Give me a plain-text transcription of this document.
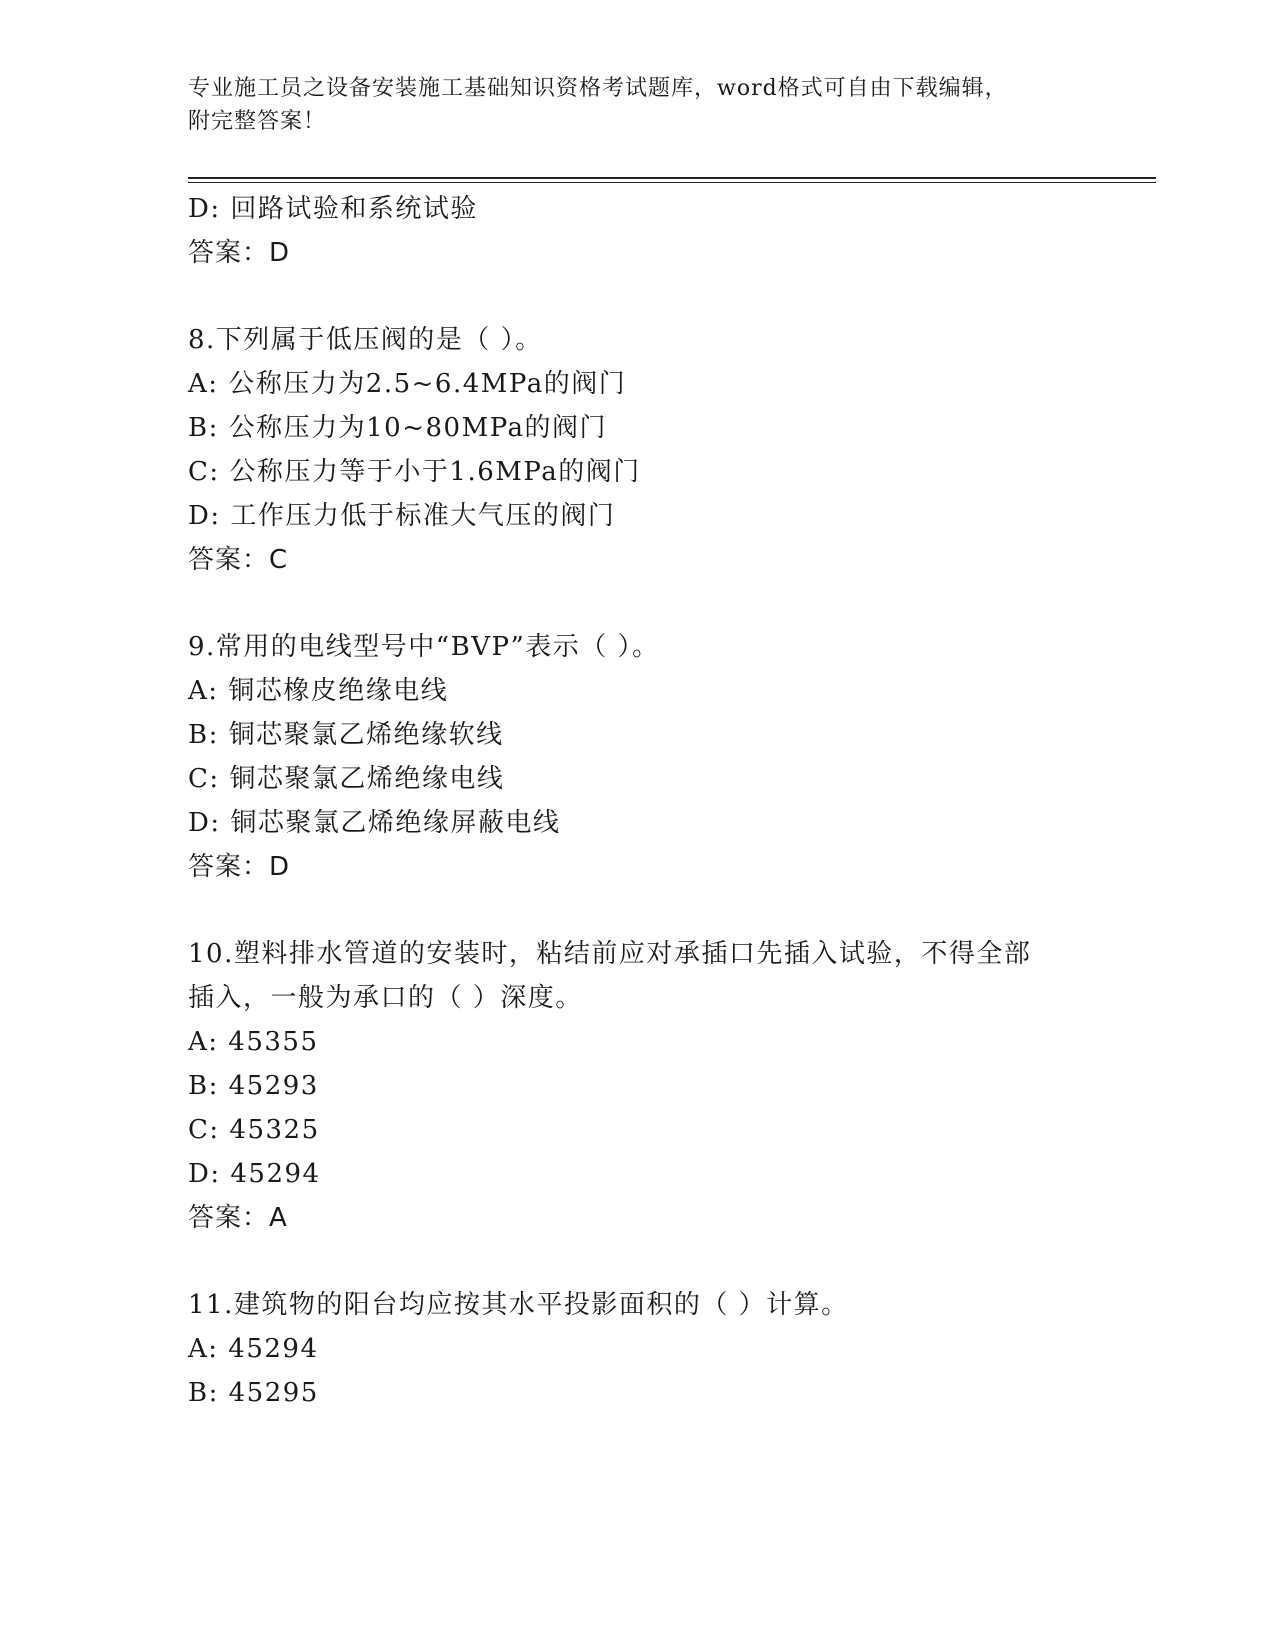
专业施工员之设备安装施工基础知识资格考试题库，word格式可自由下载编辑，
附完整答案！
D: 回路试验和系统试验
答案：D
8.下列属于低压阀的是（ ）。
A: 公称压力为2.5~6.4MPa的阀门
B: 公称压力为10~80MPa的阀门
C: 公称压力等于小于1.6MPa的阀门
D: 工作压力低于标准大气压的阀门
答案：C
9.常用的电线型号中“BVP”表示（ ）。
A: 铜芯橡皮绝缘电线
B: 铜芯聚氯乙烯绝缘软线
C: 铜芯聚氯乙烯绝缘电线
D: 铜芯聚氯乙烯绝缘屏蔽电线
答案：D
10.塑料排水管道的安装时，粘结前应对承插口先插入试验，不得全部
插入，一般为承口的（ ）深度。
A: 45355
B: 45293
C: 45325
D: 45294
答案：A
11.建筑物的阳台均应按其水平投影面积的（ ）计算。
A: 45294
B: 45295
